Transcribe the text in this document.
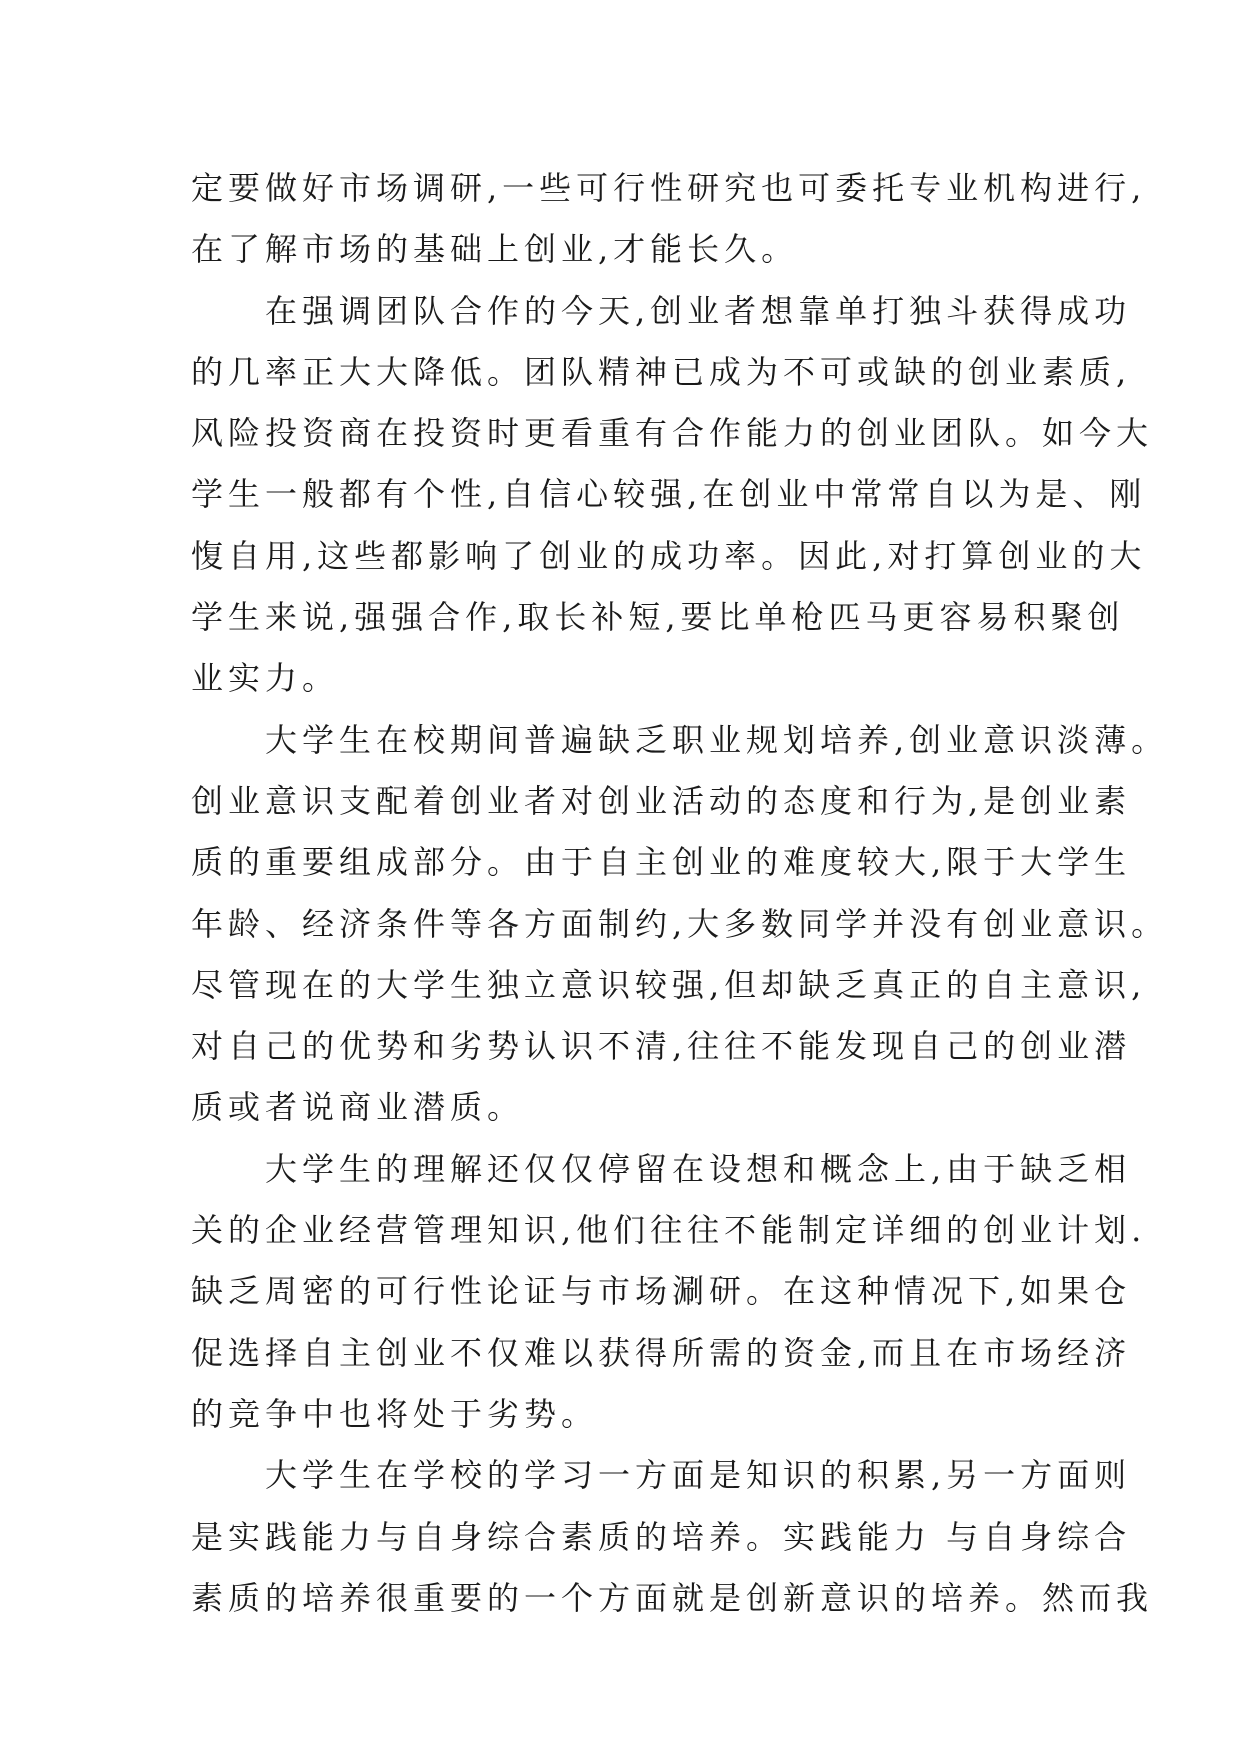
定要做好市场调研,一些可行性研究也可委托专业机构进行,
在了解市场的基础上创业,才能长久。
　　在强调团队合作的今天,创业者想靠单打独斗获得成功
的几率正大大降低。团队精神已成为不可或缺的创业素质,
风险投资商在投资时更看重有合作能力的创业团队。如今大
学生一般都有个性,自信心较强,在创业中常常自以为是、刚
愎自用,这些都影响了创业的成功率。因此,对打算创业的大
学生来说,强强合作,取长补短,要比单枪匹马更容易积聚创
业实力。
　　大学生在校期间普遍缺乏职业规划培养,创业意识淡薄。
创业意识支配着创业者对创业活动的态度和行为,是创业素
质的重要组成部分。由于自主创业的难度较大,限于大学生
年龄、经济条件等各方面制约,大多数同学并没有创业意识。
尽管现在的大学生独立意识较强,但却缺乏真正的自主意识,
对自己的优势和劣势认识不清,往往不能发现自己的创业潜
质或者说商业潜质。
　　大学生的理解还仅仅停留在设想和概念上,由于缺乏相
关的企业经营管理知识,他们往往不能制定详细的创业计划.
缺乏周密的可行性论证与市场涮研。在这种情况下,如果仓
促选择自主创业不仅难以获得所需的资金,而且在市场经济
的竞争中也将处于劣势。
　　大学生在学校的学习一方面是知识的积累,另一方面则
是实践能力与自身综合素质的培养。实践能力 与自身综合
素质的培养很重要的一个方面就是创新意识的培养。然而我
